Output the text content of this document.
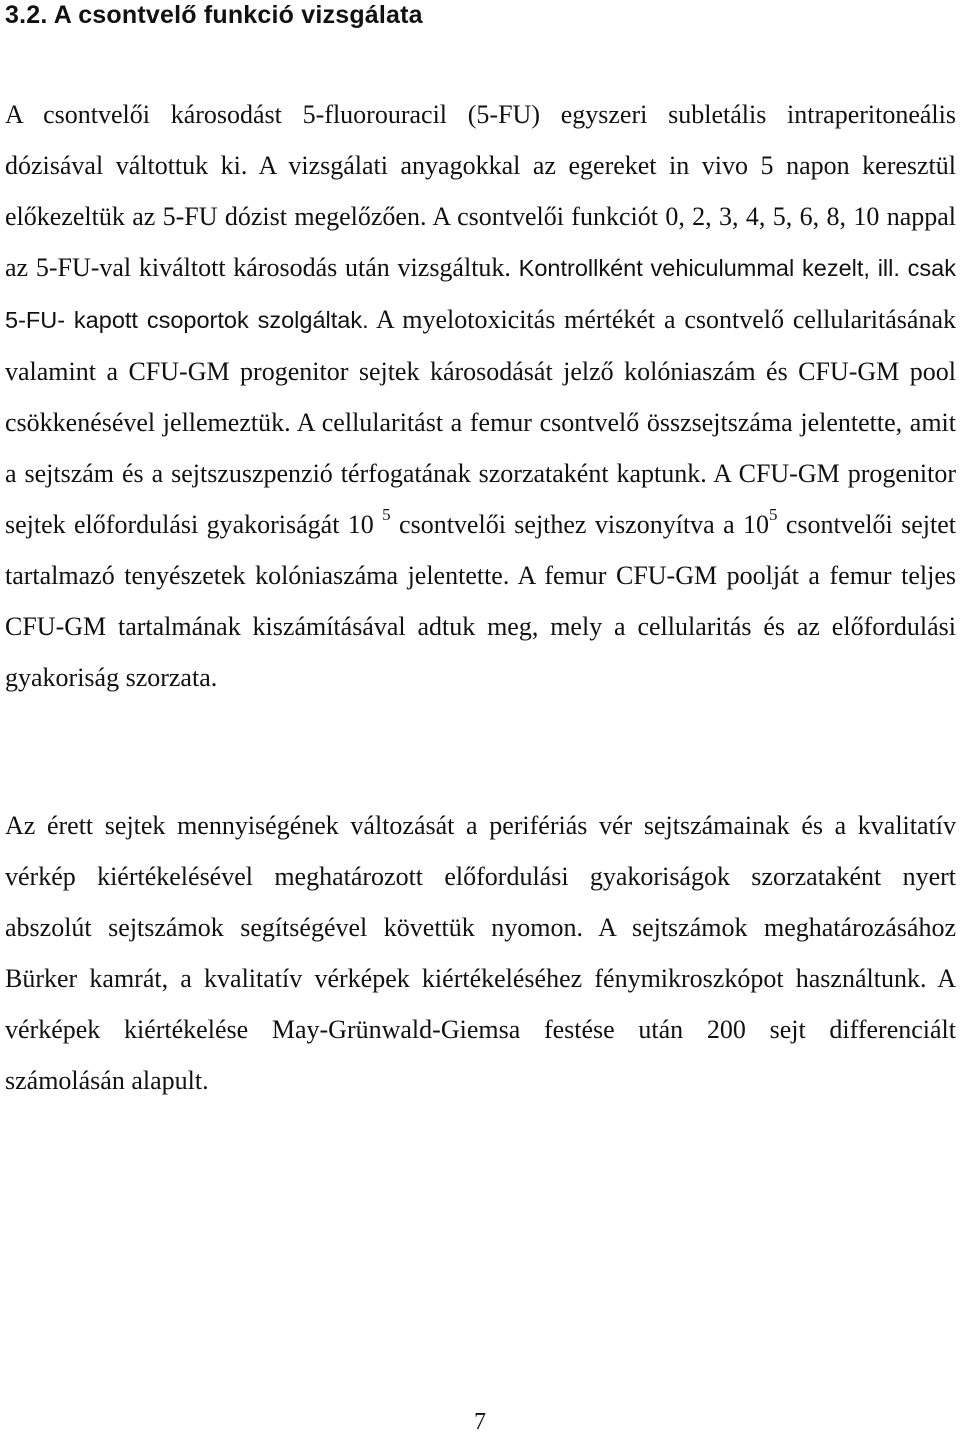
3.2. A csontvelő funkció vizsgálata

A csontvelői károsodást 5-fluorouracil (5-FU) egyszeri subletális intraperitoneális dózisával váltottuk ki. A vizsgálati anyagokkal az egereket in vivo 5 napon keresztül előkezeltük az 5-FU dózist megelőzően. A csontvelői funkciót 0, 2, 3, 4, 5, 6, 8, 10 nappal az 5-FU-val kiváltott károsodás után vizsgáltuk. Kontrollként vehiculummal kezelt, ill. csak 5-FU- kapott csoportok szolgáltak. A myelotoxicitás mértékét a csontvelő cellularitásának valamint a CFU-GM progenitor sejtek károsodását jelző kolóniaszám és CFU-GM pool csökkenésével jellemeztük. A cellularitást a femur csontvelő összsejtszáma jelentette, amit a sejtszám és a sejtszuszpenzió térfogatának szorzataként kaptunk. A CFU-GM progenitor sejtek előfordulási gyakoriságát 10 $^5$ csontvelői sejthez viszonyítva a $10^5$ csontvelői sejtet tartalmazó tenyészetek kolóniaszáma jelentette. A femur CFU-GM poolját a femur teljes CFU-GM tartalmának kiszámításával adtuk meg, mely a cellularitás és az előfordulási gyakoriság szorzata.

Az érett sejtek mennyiségének változását a perifériás vér sejtszámainak és a kvalitatív vérkép kiértékelésével meghatározott előfordulási gyakoriságok szorzataként nyert abszolút sejtszámok segítségével követtük nyomon. A sejtszámok meghatározásához Bürker kamrát, a kvalitatív vérképek kiértékeléséhez fénymikroszkópot használtunk. A vérképek kiértékelése May-Grünwald-Giemsa festése után 200 sejt differenciált számolásán alapult.

7
